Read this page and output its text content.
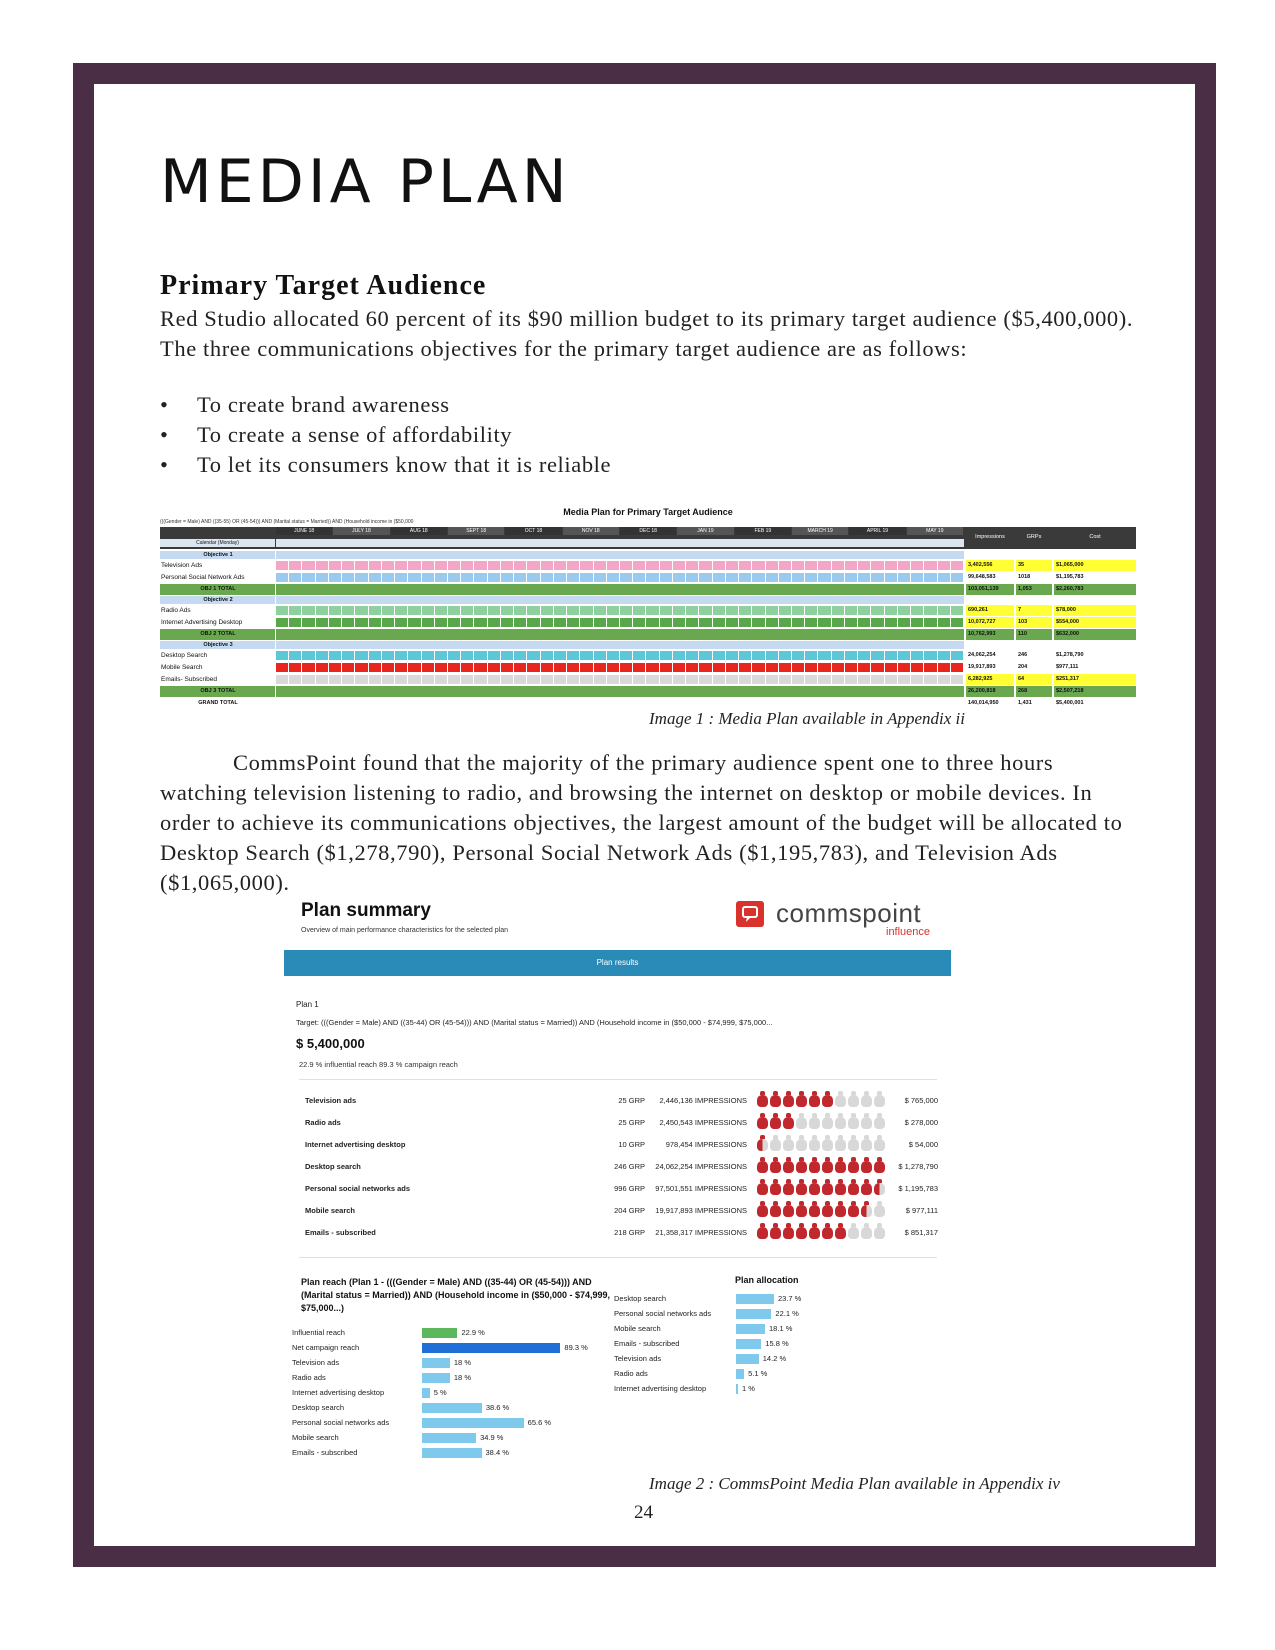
MEDIA PLAN
Primary Target Audience

Red Studio allocated 60 percent of its $90 million budget to its primary target audience ($5,400,000). The three communications objectives for the primary target audience are as follows:

• To create brand awareness
• To create a sense of affordability
• To let its consumers know that it is reliable
Media Plan for Primary Target Audience
(((Gender = Male) AND ((35-55) OR (45-54))) AND (Marital status = Married)) AND (Household income in ($50,000
JUNE 18	JULY 18	AUG 18	SEPT 18	OCT 18	NOV 18	DEC 18	JAN 19	FEB 19	MARCH 19	APRIL 19	MAY 19
Calendar (Monday)
Impressions	GRPs	Cost
Objective 1
Television Ads	3,402,556	35	$1,065,000
Personal Social Network Ads	99,648,583	1018	$1,195,783
OBJ 1 TOTAL	103,051,139	1,053	$2,260,783
Objective 2
Radio Ads	690,261	7	$78,000
Internet Advertising Desktop	10,072,727	103	$554,000
OBJ 2 TOTAL	10,762,993	110	$632,000
Objective 3
Desktop Search	24,062,254	246	$1,278,790
Mobile Search	19,917,893	204	$977,111
Emails- Subscribed	6,282,925	64	$251,317
OBJ 3 TOTAL	26,200,818	268	$2,507,218
GRAND TOTAL	140,014,950	1,431	$5,400,001
Image 1 : Media Plan available in Appendix ii

CommsPoint found that the majority of the primary audience spent one to three hours watching television listening to radio, and browsing the internet on desktop or mobile devices. In order to achieve its communications objectives, the largest amount of the budget will be allocated to Desktop Search ($1,278,790), Personal Social Network Ads ($1,195,783), and Television Ads ($1,065,000).

Plan summary
Overview of main performance characteristics for the selected plan
commspoint
influence
Plan results
Plan 1
Target: (((Gender = Male) AND ((35-44) OR (45-54))) AND (Marital status = Married)) AND (Household income in ($50,000 - $74,999, $75,000...
$ 5,400,000
22.9 % influential reach 89.3 % campaign reach
Television ads	25 GRP	2,446,136 IMPRESSIONS	$ 765,000
Radio ads	25 GRP	2,450,543 IMPRESSIONS	$ 278,000
Internet advertising desktop	10 GRP	978,454 IMPRESSIONS	$ 54,000
Desktop search	246 GRP	24,062,254 IMPRESSIONS	$ 1,278,790
Personal social networks ads	996 GRP	97,501,551 IMPRESSIONS	$ 1,195,783
Mobile search	204 GRP	19,917,893 IMPRESSIONS	$ 977,111
Emails - subscribed	218 GRP	21,358,317 IMPRESSIONS	$ 851,317
Plan reach (Plan 1 - (((Gender = Male) AND ((35-44) OR (45-54))) AND (Marital status = Married)) AND (Household income in ($50,000 - $74,999, $75,000...)
Influential reach	22.9 %
Net campaign reach	89.3 %
Television ads	18 %
Radio ads	18 %
Internet advertising desktop	5 %
Desktop search	38.6 %
Personal social networks ads	65.6 %
Mobile search	34.9 %
Emails - subscribed	38.4 %
Plan allocation
Desktop search	23.7 %
Personal social networks ads	22.1 %
Mobile search	18.1 %
Emails - subscribed	15.8 %
Television ads	14.2 %
Radio ads	5.1 %
Internet advertising desktop	1 %
Image 2 : CommsPoint Media Plan available in Appendix iv
24
